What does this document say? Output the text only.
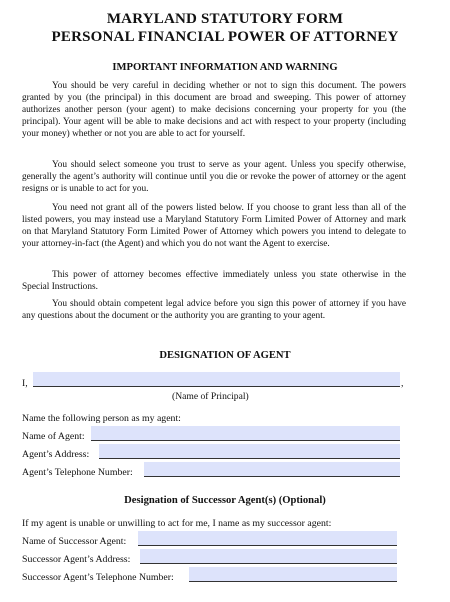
MARYLAND STATUTORY FORM
PERSONAL FINANCIAL POWER OF ATTORNEY
IMPORTANT INFORMATION AND WARNING
You should be very careful in deciding whether or not to sign this document. The powers granted by you (the principal) in this document are broad and sweeping. This power of attorney authorizes another person (your agent) to make decisions concerning your property for you (the principal). Your agent will be able to make decisions and act with respect to your property (including your money) whether or not you are able to act for yourself.
You should select someone you trust to serve as your agent. Unless you specify otherwise, generally the agent’s authority will continue until you die or revoke the power of attorney or the agent resigns or is unable to act for you.
You need not grant all of the powers listed below. If you choose to grant less than all of the listed powers, you may instead use a Maryland Statutory Form Limited Power of Attorney and mark on that Maryland Statutory Form Limited Power of Attorney which powers you intend to delegate to your attorney-in-fact (the Agent) and which you do not want the Agent to exercise.
This power of attorney becomes effective immediately unless you state otherwise in the Special Instructions.
You should obtain competent legal advice before you sign this power of attorney if you have any questions about the document or the authority you are granting to your agent.
DESIGNATION OF AGENT
I,	,
(Name of Principal)
Name the following person as my agent:
Name of Agent:
Agent’s Address:
Agent’s Telephone Number:
Designation of Successor Agent(s) (Optional)
If my agent is unable or unwilling to act for me, I name as my successor agent:
Name of Successor Agent:
Successor Agent’s Address:
Successor Agent’s Telephone Number:
